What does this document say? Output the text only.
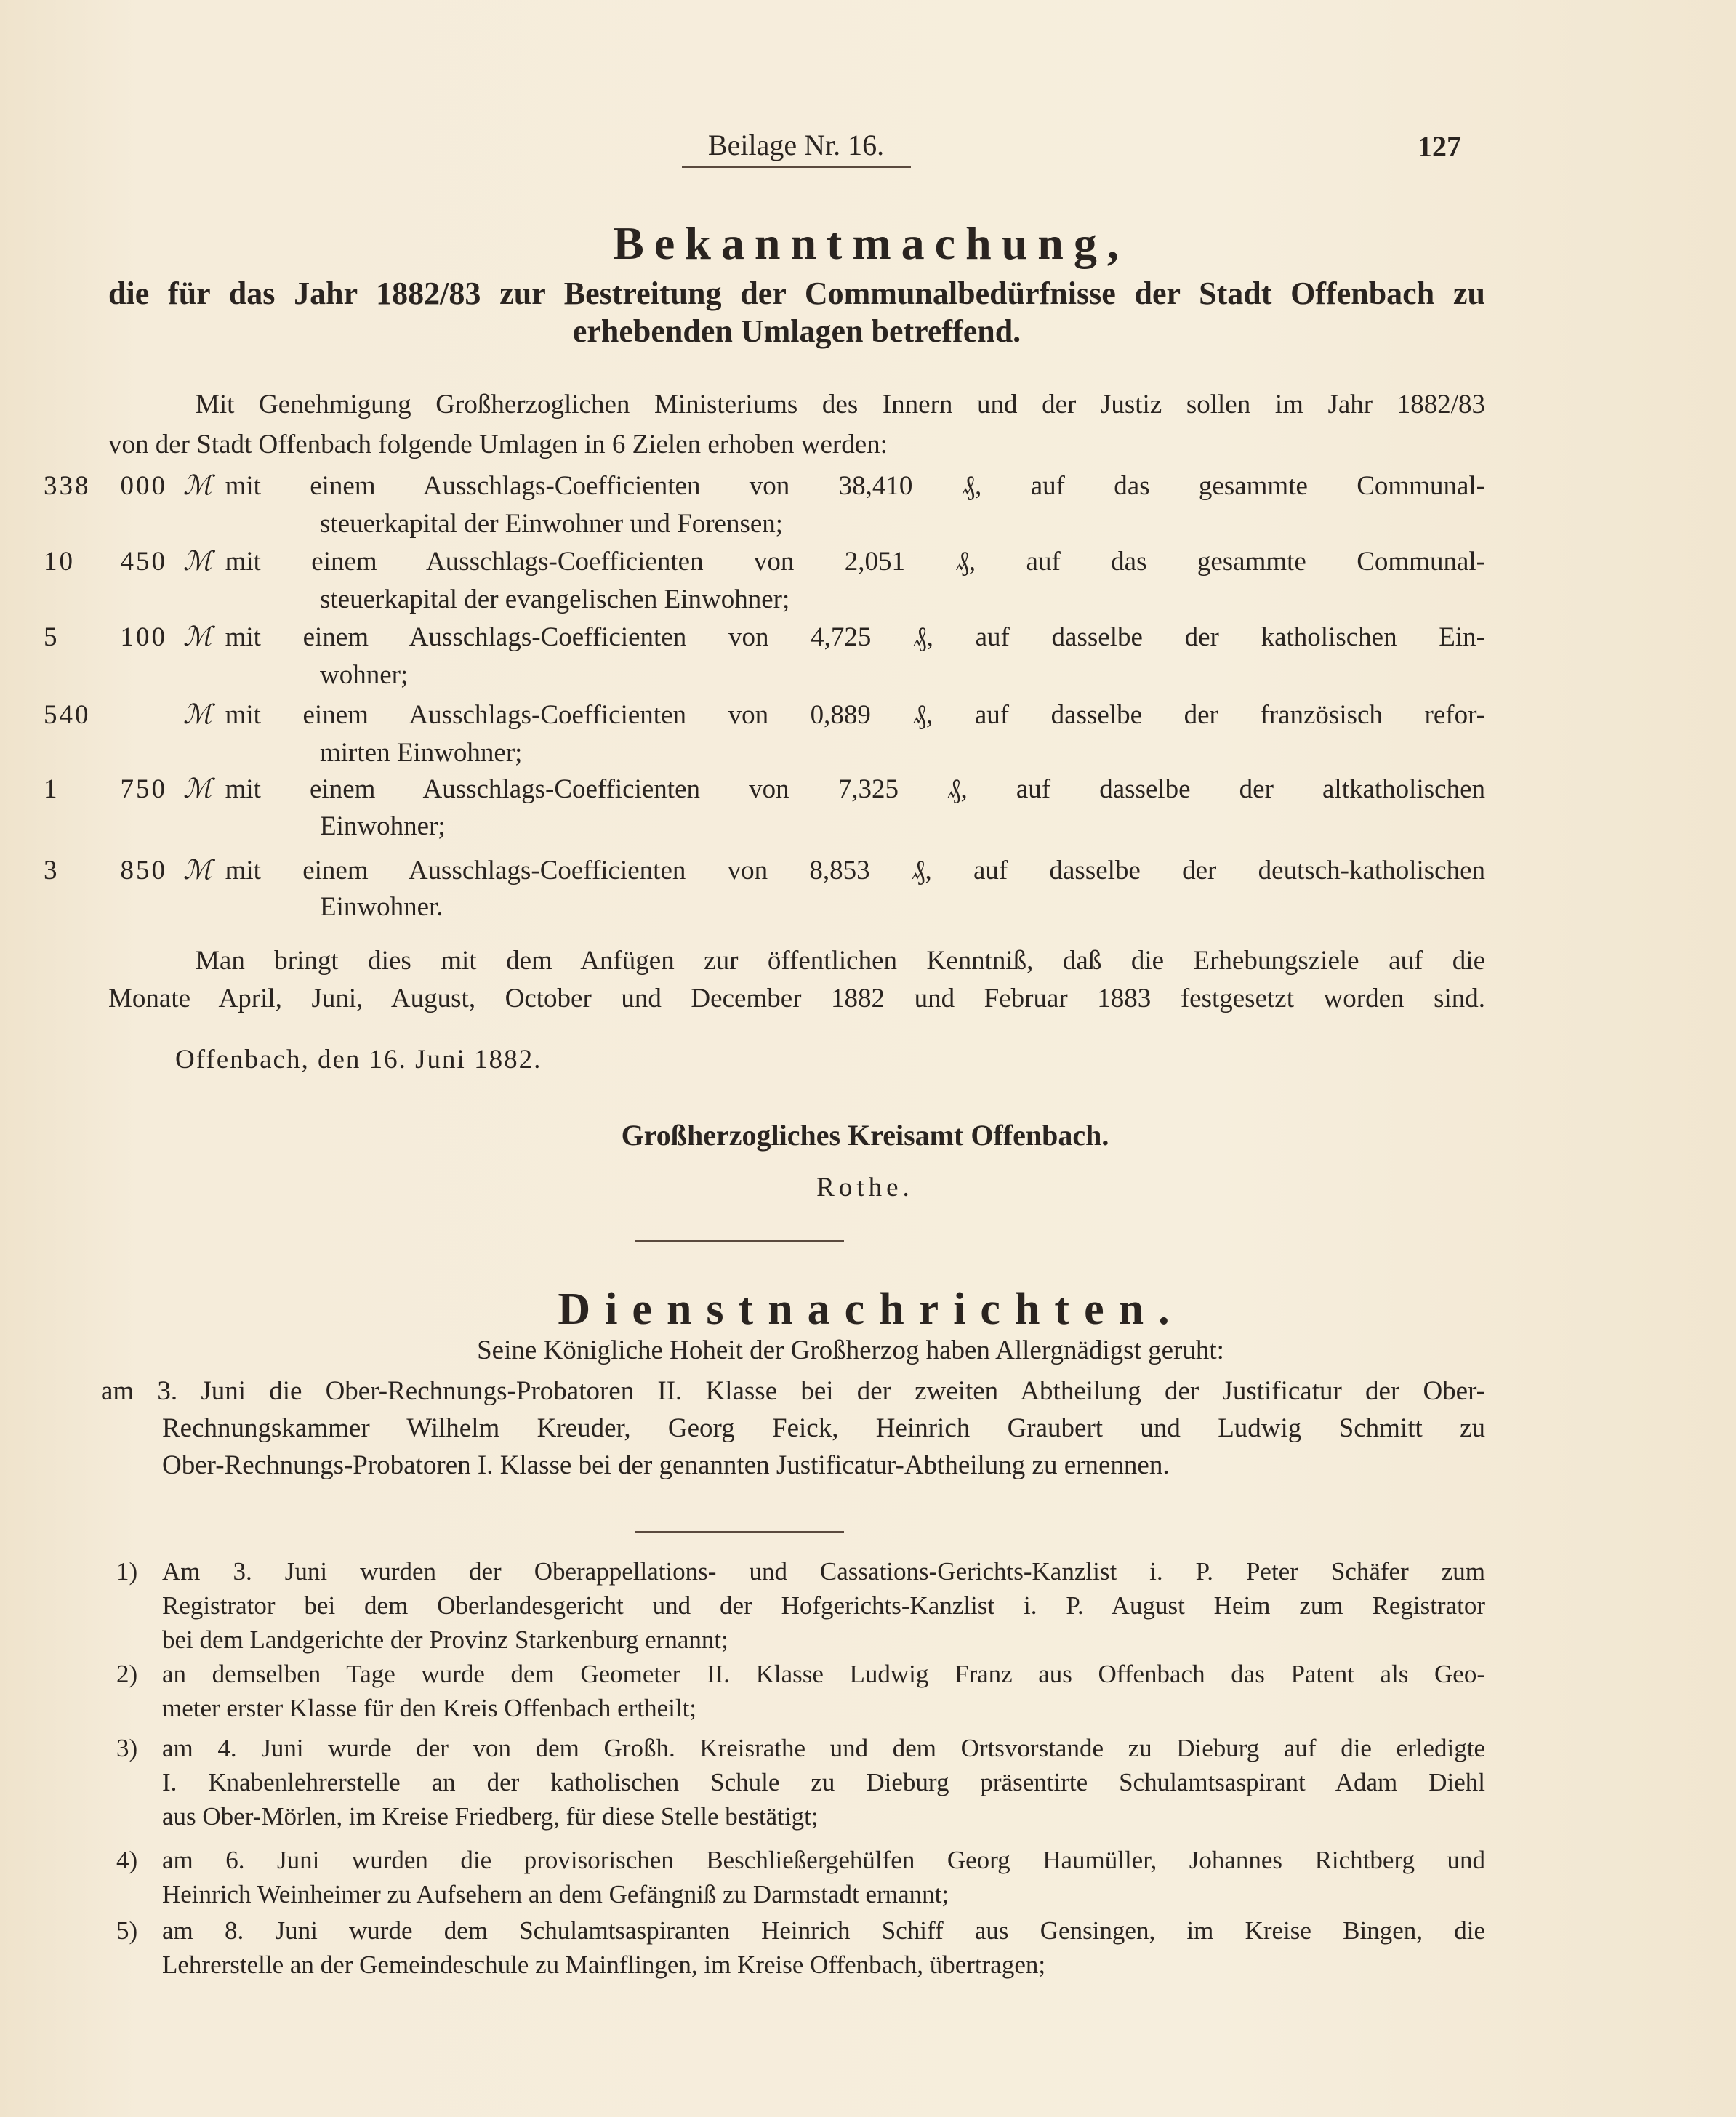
Beilage Nr. 16.	127
Bekanntmachung,
die für das Jahr 1882/83 zur Bestreitung der Communalbedürfnisse der Stadt Offenbach zu
erhebenden Umlagen betreffend.
Mit Genehmigung Großherzoglichen Ministeriums des Innern und der Justiz sollen im Jahr 1882/83
von der Stadt Offenbach folgende Umlagen in 6 Zielen erhoben werden:
338 000 ℳ mit einem Ausschlags-Coefficienten von 38,410 ₰, auf das gesammte Communal-
steuerkapital der Einwohner und Forensen;
10 450 ℳ mit einem Ausschlags-Coefficienten von 2,051 ₰, auf das gesammte Communal-
steuerkapital der evangelischen Einwohner;
5 100 ℳ mit einem Ausschlags-Coefficienten von 4,725 ₰, auf dasselbe der katholischen Ein-
wohner;
540	ℳ mit einem Ausschlags-Coefficienten von 0,889 ₰, auf dasselbe der französisch refor-
mirten Einwohner;
1 750 ℳ mit einem Ausschlags-Coefficienten von 7,325 ₰, auf dasselbe der altkatholischen
Einwohner;
3 850 ℳ mit einem Ausschlags-Coefficienten von 8,853 ₰, auf dasselbe der deutsch-katholischen
Einwohner.
Man bringt dies mit dem Anfügen zur öffentlichen Kenntniß, daß die Erhebungsziele auf die
Monate April, Juni, August, October und December 1882 und Februar 1883 festgesetzt worden sind.
Offenbach, den 16. Juni 1882.
Großherzogliches Kreisamt Offenbach.
Rothe.
Dienstnachrichten.
Seine Königliche Hoheit der Großherzog haben Allergnädigst geruht:
am 3. Juni die Ober-Rechnungs-Probatoren II. Klasse bei der zweiten Abtheilung der Justificatur der Ober-
Rechnungskammer Wilhelm Kreuder, Georg Feick, Heinrich Graubert und Ludwig Schmitt zu
Ober-Rechnungs-Probatoren I. Klasse bei der genannten Justificatur-Abtheilung zu ernennen.
1) Am 3. Juni wurden der Oberappellations- und Cassations-Gerichts-Kanzlist i. P. Peter Schäfer zum
Registrator bei dem Oberlandesgericht und der Hofgerichts-Kanzlist i. P. August Heim zum Registrator
bei dem Landgerichte der Provinz Starkenburg ernannt;
2) an demselben Tage wurde dem Geometer II. Klasse Ludwig Franz aus Offenbach das Patent als Geo-
meter erster Klasse für den Kreis Offenbach ertheilt;
3) am 4. Juni wurde der von dem Großh. Kreisrathe und dem Ortsvorstande zu Dieburg auf die erledigte
I. Knabenlehrerstelle an der katholischen Schule zu Dieburg präsentirte Schulamtsaspirant Adam Diehl
aus Ober-Mörlen, im Kreise Friedberg, für diese Stelle bestätigt;
4) am 6. Juni wurden die provisorischen Beschließergehülfen Georg Haumüller, Johannes Richtberg und
Heinrich Weinheimer zu Aufsehern an dem Gefängniß zu Darmstadt ernannt;
5) am 8. Juni wurde dem Schulamtsaspiranten Heinrich Schiff aus Gensingen, im Kreise Bingen, die
Lehrerstelle an der Gemeindeschule zu Mainflingen, im Kreise Offenbach, übertragen;
